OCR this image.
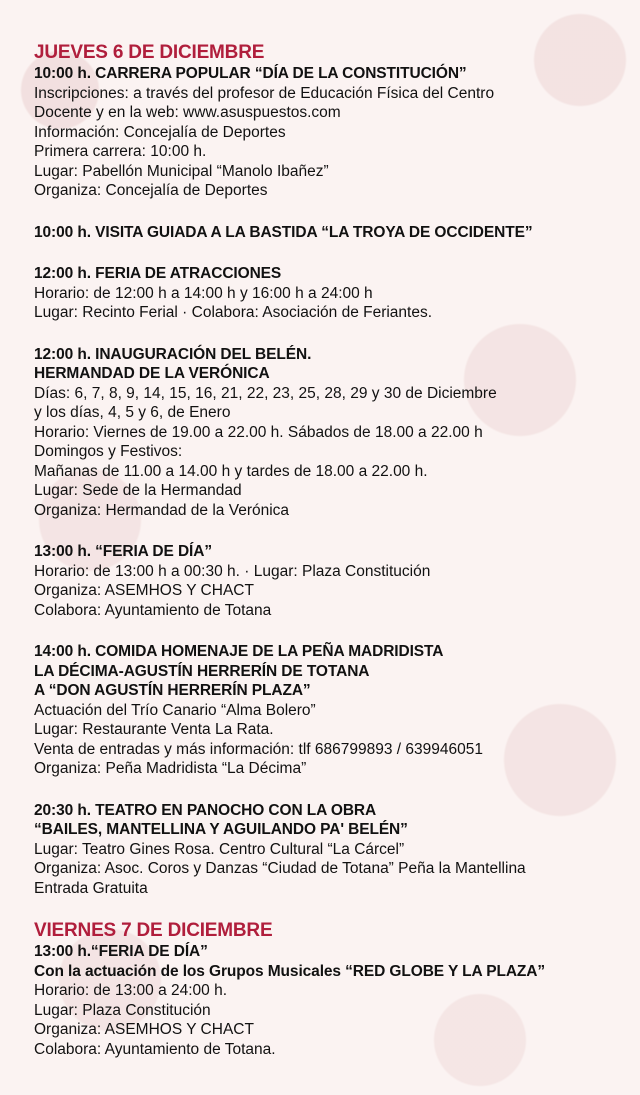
JUEVES 6 DE DICIEMBRE

10:00 h. CARRERA POPULAR “DÍA DE LA CONSTITUCIÓN”

Inscripciones: a través del profesor de Educación Física del Centro

Docente y en la web: www.asuspuestos.com

Información: Concejalía de Deportes

Primera carrera: 10:00 h.

Lugar: Pabellón Municipal “Manolo Ibañez”

Organiza: Concejalía de Deportes

10:00 h. VISITA GUIADA A LA BASTIDA “LA TROYA DE OCCIDENTE”

12:00 h. FERIA DE ATRACCIONES

Horario: de 12:00 h a 14:00 h y 16:00 h a 24:00 h

Lugar: Recinto Ferial · Colabora: Asociación de Feriantes.

12:00 h. INAUGURACIÓN DEL BELÉN.

HERMANDAD DE LA VERÓNICA

Días: 6, 7, 8, 9, 14, 15, 16, 21, 22, 23, 25, 28, 29 y 30 de Diciembre

y los días, 4, 5 y 6, de Enero

Horario: Viernes de 19.00 a 22.00 h. Sábados de 18.00 a 22.00 h

Domingos y Festivos:

Mañanas de 11.00 a 14.00 h y tardes de 18.00 a 22.00 h.

Lugar: Sede de la Hermandad

Organiza: Hermandad de la Verónica

13:00 h. “FERIA DE DÍA”

Horario: de 13:00 h a 00:30 h. · Lugar: Plaza Constitución

Organiza: ASEMHOS Y CHACT

Colabora: Ayuntamiento de Totana

14:00 h. COMIDA HOMENAJE DE LA PEÑA MADRIDISTA

LA DÉCIMA-AGUSTÍN HERRERÍN DE TOTANA

A “DON AGUSTÍN HERRERÍN PLAZA”

Actuación del Trío Canario “Alma Bolero”

Lugar: Restaurante Venta La Rata.

Venta de entradas y más información: tlf 686799893 / 639946051

Organiza: Peña Madridista “La Décima”

20:30 h. TEATRO EN PANOCHO CON LA OBRA

“BAILES, MANTELLINA Y AGUILANDO PA' BELÉN”

Lugar: Teatro Gines Rosa. Centro Cultural “La Cárcel”

Organiza: Asoc. Coros y Danzas “Ciudad de Totana” Peña la Mantellina

Entrada Gratuita

VIERNES 7 DE DICIEMBRE

13:00 h.“FERIA DE DÍA”

Con la actuación de los Grupos Musicales “RED GLOBE Y LA PLAZA”

Horario: de 13:00 a 24:00 h.

Lugar: Plaza Constitución

Organiza: ASEMHOS Y CHACT

Colabora: Ayuntamiento de Totana.
